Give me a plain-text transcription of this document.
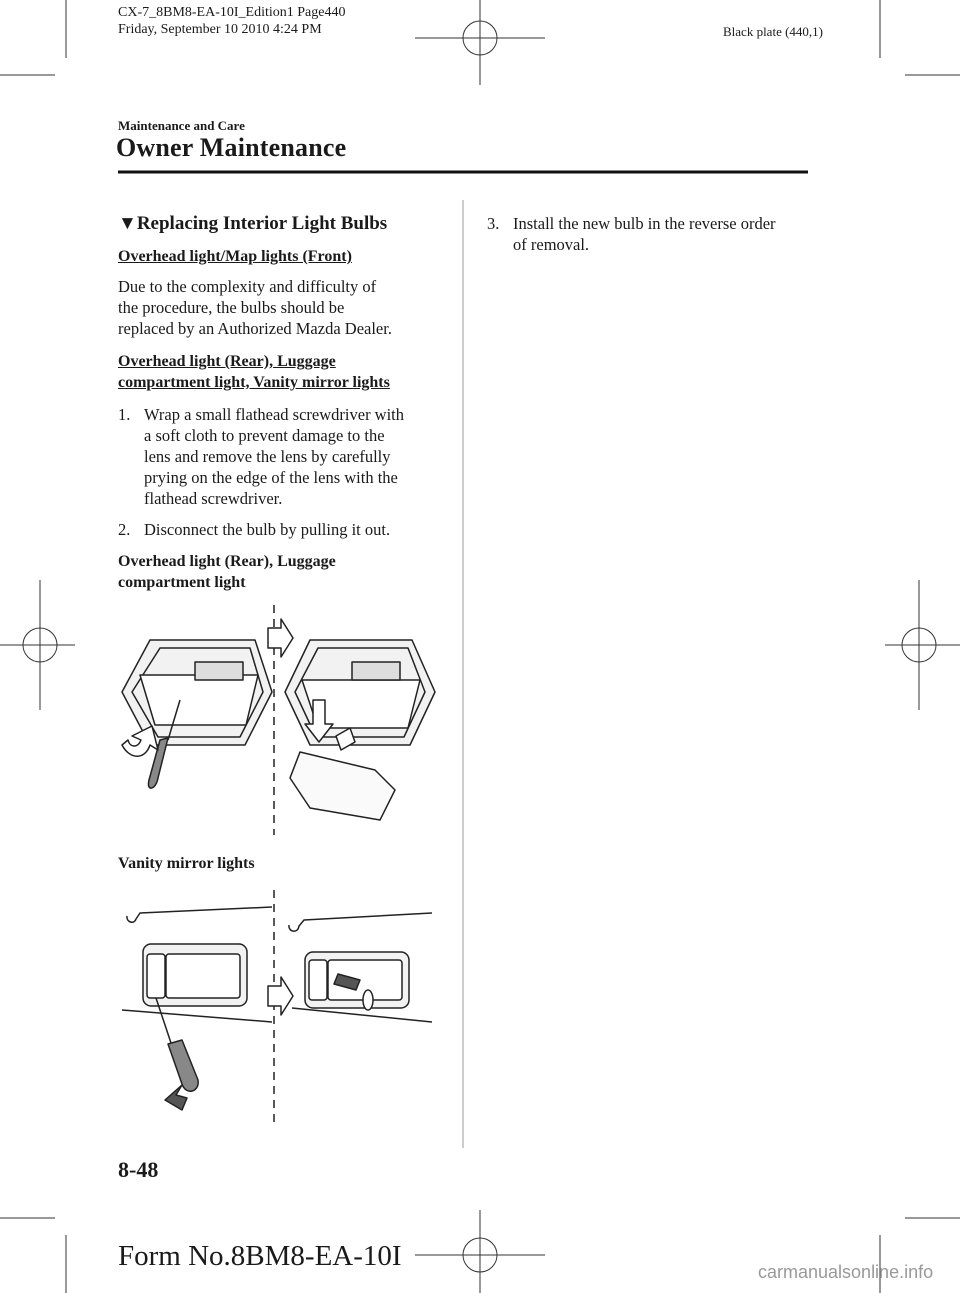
CX-7_8BM8-EA-10I_Edition1 Page440
Friday, September 10 2010 4:24 PM	Black plate (440,1)
Maintenance and Care
Owner Maintenance
▼Replacing Interior Light Bulbs
Overhead light/Map lights (Front)
Due to the complexity and difficulty of
the procedure, the bulbs should be
replaced by an Authorized Mazda Dealer.
Overhead light (Rear), Luggage
compartment light, Vanity mirror lights
1. Wrap a small flathead screwdriver with
a soft cloth to prevent damage to the
lens and remove the lens by carefully
prying on the edge of the lens with the
flathead screwdriver.
2. Disconnect the bulb by pulling it out.
Overhead light (Rear), Luggage
compartment light
Vanity mirror lights
3. Install the new bulb in the reverse order
of removal.
8-48
Form No.8BM8-EA-10I	carmanualsonline.info
